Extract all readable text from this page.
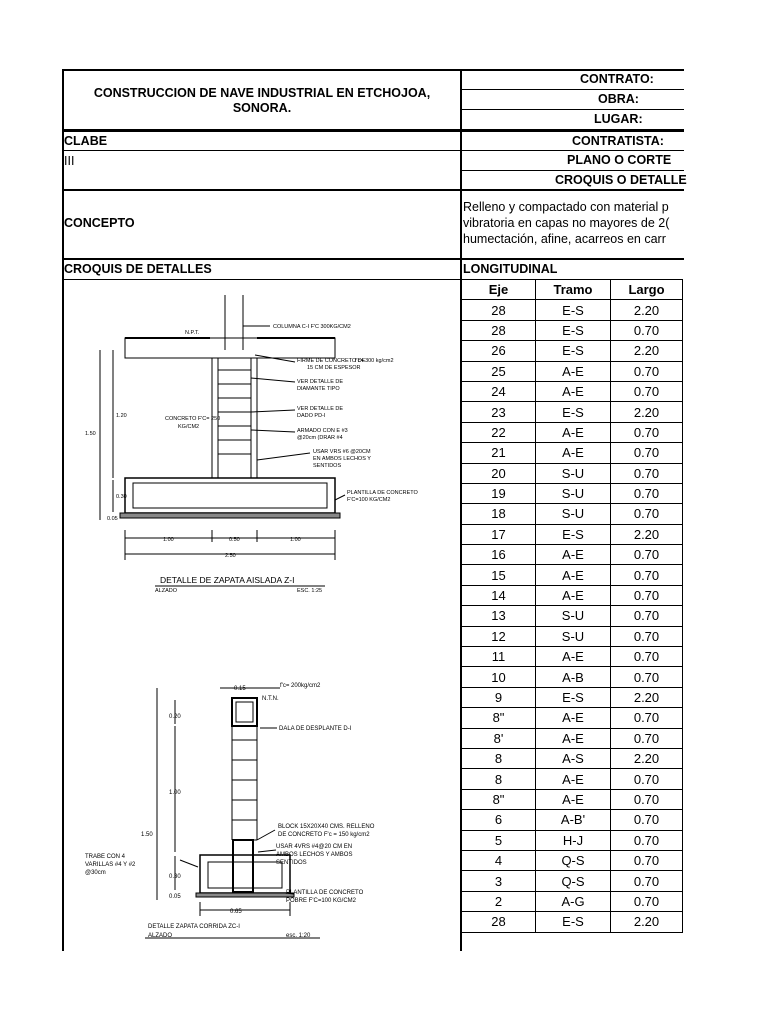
CONSTRUCCION DE NAVE INDUSTRIAL EN ETCHOJOA,
SONORA.
CONTRATO:
OBRA:
LUGAR:
CONTRATISTA:
CLABE
III	PLANO O CORTE
CROQUIS O DETALLE
CONCEPTO
Relleno y compactado con material p
vibratoria en capas no mayores de 2(
humectación, afine, acarreos en carr
CROQUIS DE DETALLES	LONGITUDINAL
Eje	Tramo	Largo
28	E-S	2.20
28	E-S	0.70
26	E-S	2.20
25	A-E	0.70
24	A-E	0.70
23	E-S	2.20
22	A-E	0.70
21	A-E	0.70
20	S-U	0.70
19	S-U	0.70
18	S-U	0.70
17	E-S	2.20
16	A-E	0.70
15	A-E	0.70
14	A-E	0.70
13	S-U	0.70
12	S-U	0.70
11	A-E	0.70
10	A-B	0.70
9	E-S	2.20
8"	A-E	0.70
8'	A-E	0.70
8	A-S	2.20
8	A-E	0.70
8"	A-E	0.70
6	A-B'	0.70
5	H-J	0.70
4	Q-S	0.70
3	Q-S	0.70
2	A-G	0.70
28	E-S	2.20
N.P.T.
COLUMNA C-I F'C 300KG/CM2
FIRME DE CONCRETO DE
15 CM DE ESPESOR
f'c= 300 kg/cm2
VER DETALLE DE
DIAMANTE TIPO
VER DETALLE DE
DADO PD-I
CONCRETO F'C= 250
KG/CM2
ARMADO CON E #3
@20cm (DRAR #4
USAR VRS #6 @20CM
EN AMBOS LECHOS Y
SENTIDOS
PLANTILLA DE CONCRETO
F'C=100 KG/CM2
1.20
1.50
0.30
0.05
1.00	0.50	1.00
2.50
ALZADO	ESC. 1:25
DETALLE DE ZAPATA AISLADA Z-I
-0.15	f'c= 200kg/cm2
N.T.N.
0.20
DALA DE DESPLANTE D-I
1.00
BLOCK 15X20X40 CMS. RELLENO
DE CONCRETO F'c = 150 kg/cm2
1.50
USAR 4VRS #4@20 CM EN
AMBOS LECHOS Y AMBOS
SENTIDOS
TRABE CON 4
VARILLAS #4 Y #2
@30cm
0.30
0.05
PLANTILLA DE CONCRETO
POBRE F'C=100 KG/CM2
0.65
DETALLE ZAPATA CORRIDA ZC-I
ALZADO	esc. 1:20
